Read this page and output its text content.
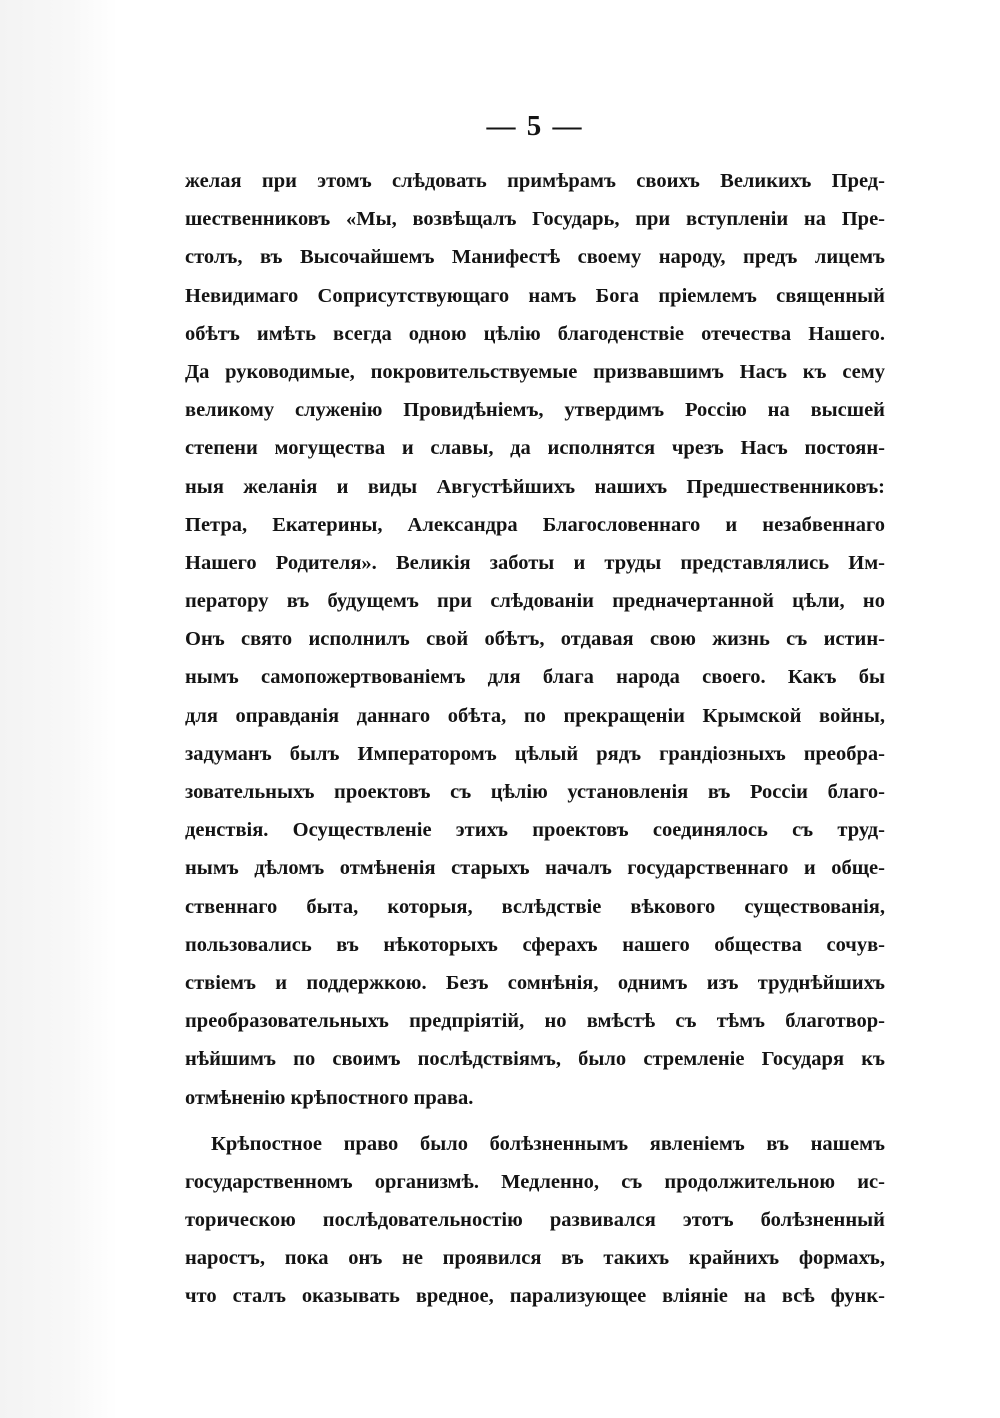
— 5 —
желая при этомъ слѣдовать примѣрамъ своихъ Великихъ Пред-
шественниковъ «Мы, возвѣщалъ Государь, при вступленіи на Пре-
столъ, въ Высочайшемъ Манифестѣ своему народу, предъ лицемъ
Невидимаго Соприсутствующаго намъ Бога пріемлемъ священный
обѣтъ имѣть всегда одною цѣлію благоденствіе отечества Нашего.
Да руководимые, покровительствуемые призвавшимъ Насъ къ сему
великому служенію Провидѣніемъ, утвердимъ Россію на высшей
степени могущества и славы, да исполнятся чрезъ Насъ постоян-
ныя желанія и виды Августѣйшихъ нашихъ Предшественниковъ:
Петра, Екатерины, Александра Благословеннаго и незабвеннаго
Нашего Родителя». Великія заботы и труды представлялись Им-
ператору въ будущемъ при слѣдованіи предначертанной цѣли, но
Онъ свято исполнилъ свой обѣтъ, отдавая свою жизнь съ истин-
нымъ самопожертвованіемъ для блага народа своего. Какъ бы
для оправданія даннаго обѣта, по прекращеніи Крымской войны,
задуманъ былъ Императоромъ цѣлый рядъ грандіозныхъ преобра-
зовательныхъ проектовъ съ цѣлію установленія въ Россіи благо-
денствія. Осуществленіе этихъ проектовъ соединялось съ труд-
нымъ дѣломъ отмѣненія старыхъ началъ государственнаго и обще-
ственнаго быта, которыя, вслѣдствіе вѣкового существованія,
пользовались въ нѣкоторыхъ сферахъ нашего общества сочув-
ствіемъ и поддержкою. Безъ сомнѣнія, однимъ изъ труднѣйшихъ
преобразовательныхъ предпріятій, но вмѣстѣ съ тѣмъ благотвор-
нѣйшимъ по своимъ послѣдствіямъ, было стремленіе Государя къ
отмѣненію крѣпостного права.
Крѣпостное право было болѣзненнымъ явленіемъ въ нашемъ
государственномъ организмѣ. Медленно, съ продолжительною ис-
торическою послѣдовательностію развивался этотъ болѣзненный
наростъ, пока онъ не проявился въ такихъ крайнихъ формахъ,
что сталъ оказывать вредное, парализующее вліяніе на всѣ функ-
